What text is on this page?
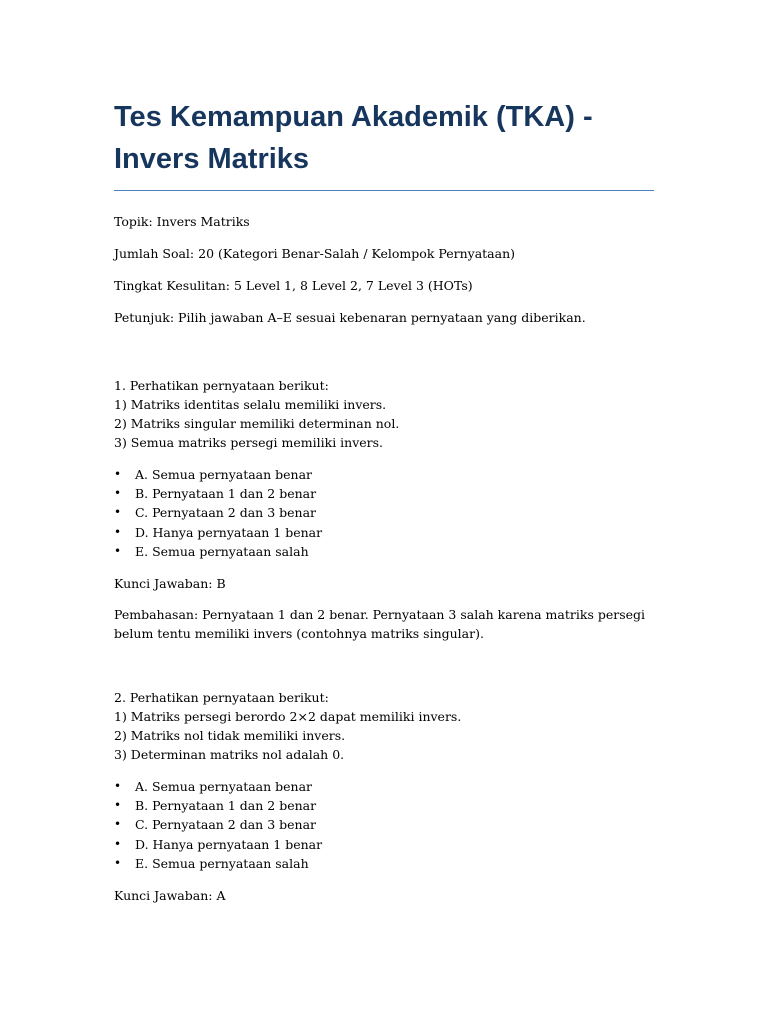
Tes Kemampuan Akademik (TKA) - Invers Matriks

Topik: Invers Matriks

Jumlah Soal: 20 (Kategori Benar-Salah / Kelompok Pernyataan)

Tingkat Kesulitan: 5 Level 1, 8 Level 2, 7 Level 3 (HOTs)

Petunjuk: Pilih jawaban A–E sesuai kebenaran pernyataan yang diberikan.

1. Perhatikan pernyataan berikut:

1) Matriks identitas selalu memiliki invers.

2) Matriks singular memiliki determinan nol.

3) Semua matriks persegi memiliki invers.

• A. Semua pernyataan benar
• B. Pernyataan 1 dan 2 benar
• C. Pernyataan 2 dan 3 benar
• D. Hanya pernyataan 1 benar
• E. Semua pernyataan salah

Kunci Jawaban: B

Pembahasan: Pernyataan 1 dan 2 benar. Pernyataan 3 salah karena matriks persegi belum tentu memiliki invers (contohnya matriks singular).

2. Perhatikan pernyataan berikut:

1) Matriks persegi berordo 2×2 dapat memiliki invers.

2) Matriks nol tidak memiliki invers.

3) Determinan matriks nol adalah 0.

• A. Semua pernyataan benar
• B. Pernyataan 1 dan 2 benar
• C. Pernyataan 2 dan 3 benar
• D. Hanya pernyataan 1 benar
• E. Semua pernyataan salah

Kunci Jawaban: A
